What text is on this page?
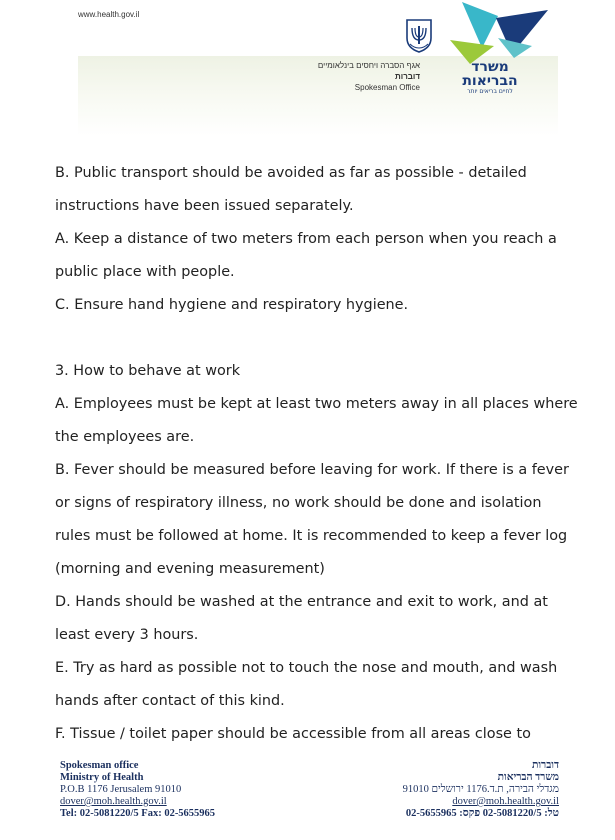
www.health.gov.il
אגף הסברה ויחסים בינלאומיים
דוברות
Spokesman Office
משרד
הבריאות
לחיים בריאים יותר

B. Public transport should be avoided as far as possible - detailed

instructions have been issued separately.

A. Keep a distance of two meters from each person when you reach a

public place with people.

C. Ensure hand hygiene and respiratory hygiene.

3. How to behave at work

A. Employees must be kept at least two meters away in all places where

the employees are.

B. Fever should be measured before leaving for work. If there is a fever

or signs of respiratory illness, no work should be done and isolation

rules must be followed at home. It is recommended to keep a fever log

(morning and evening measurement)

D. Hands should be washed at the entrance and exit to work, and at

least every 3 hours.

E. Try as hard as possible not to touch the nose and mouth, and wash

hands after contact of this kind.

F. Tissue / toilet paper should be accessible from all areas close to

Spokesman office
Ministry of Health
P.O.B 1176 Jerusalem 91010
dover@moh.health.gov.il
Tel: 02-5081220/5 Fax: 02-5655965
דוברות
משרד הבריאות
מגדלי הבירה, ת.ד.1176 ירושלים 91010
dover@moh.health.gov.il
טל: 02-5081220/5 פקס: 02-5655965
